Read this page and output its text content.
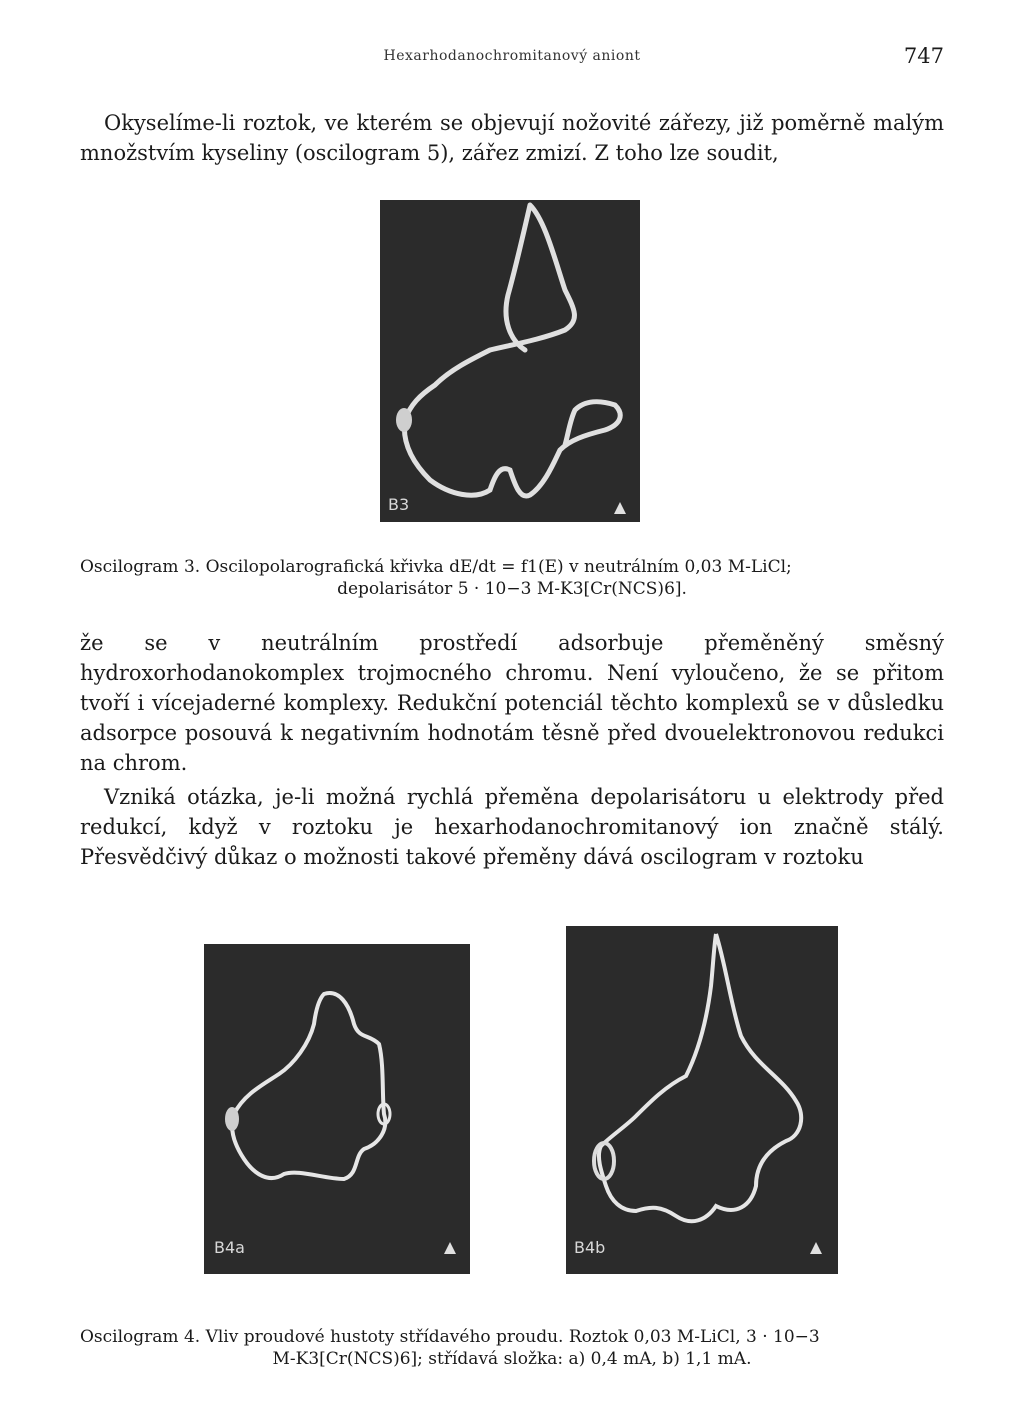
Hexarhodanochromitanový aniont	747

Okyselíme-li roztok, ve kterém se objevují nožovité zářezy, již poměrně malým množstvím kyseliny (oscilogram 5), zářez zmizí. Z toho lze soudit,

B3

Oscilogram 3. Oscilopolarografická křivka dE/dt = f1(E) v neutrálním 0,03 M-LiCl;
depolarisátor 5 · 10−3 M-K3[Cr(NCS)6].

že se v neutrálním prostředí adsorbuje přeměněný směsný hydroxorhodanokomplex trojmocného chromu. Není vyloučeno, že se přitom tvoří i vícejaderné komplexy. Redukční potenciál těchto komplexů se v důsledku adsorpce posouvá k negativním hodnotám těsně před dvouelektronovou redukci na chrom.

Vzniká otázka, je-li možná rychlá přeměna depolarisátoru u elektrody před redukcí, když v roztoku je hexarhodanochromitanový ion značně stálý. Přesvědčivý důkaz o možnosti takové přeměny dává oscilogram v roztoku

B4a	B4b

Oscilogram 4. Vliv proudové hustoty střídavého proudu. Roztok 0,03 M-LiCl, 3 · 10−3
M-K3[Cr(NCS)6]; střídavá složka: a) 0,4 mA, b) 1,1 mA.
